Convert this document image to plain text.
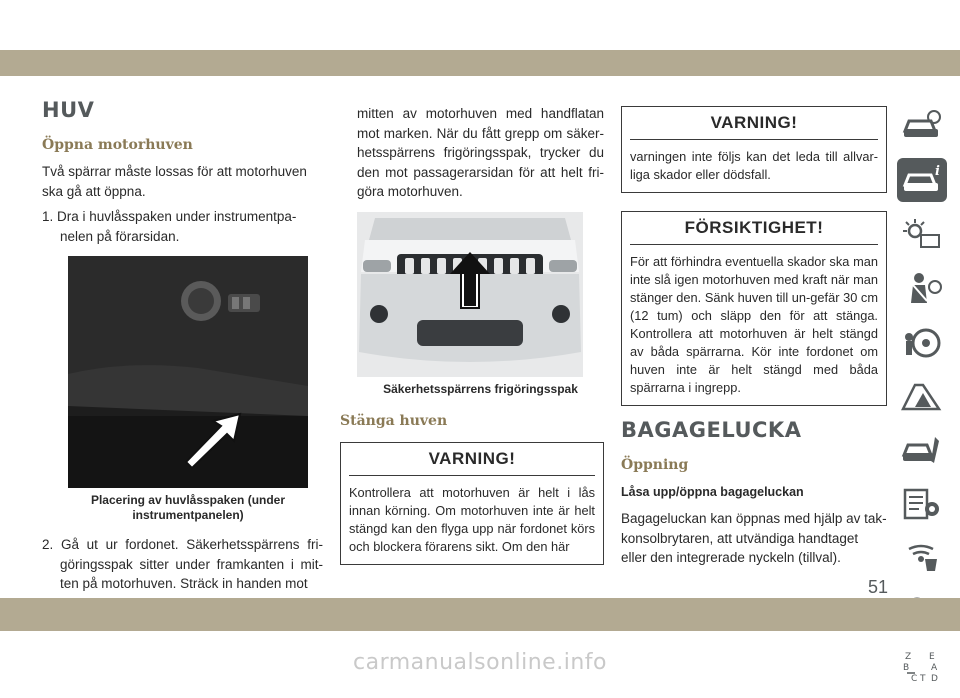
HUV
Öppna motorhuven

Två spärrar måste lossas för att motorhuven ska gå att öppna.

1. Dra i huvlåsspaken under instrumentpa-nelen på förarsidan.
Placering av huvlåsspaken (under instrumentpanelen)
2. Gå ut ur fordonet. Säkerhetsspärrens fri-göringsspak sitter under framkanten i mit-ten på motorhuven. Sträck in handen mot

mitten av motorhuven med handflatan mot marken. När du fått grepp om säker-hetsspärrens frigöringsspak, trycker du den mot passagerarsidan för att helt fri-göra motorhuven.

Säkerhetsspärrens frigöringsspak
Stänga huven
VARNING!
Kontrollera att motorhuven är helt i lås innan körning. Om motorhuven inte är helt stängd kan den flyga upp när fordonet körs och blockera förarens sikt. Om den här
VARNING!
varningen inte följs kan det leda till allvar-liga skador eller dödsfall.
FÖRSIKTIGHET!
För att förhindra eventuella skador ska man inte slå igen motorhuven med kraft när man stänger den. Sänk huven till un-gefär 30 cm (12 tum) och släpp den för att stänga. Kontrollera att motorhuven är helt stängd av båda spärrarna. Kör inte fordonet om huven inte är helt stängd med båda spärrarna i ingrepp.
BAGAGELUCKA
Öppning
Låsa upp/öppna bagageluckan

Bagageluckan kan öppnas med hjälp av tak-konsolbrytaren, att utvändiga handtaget eller den integrerade nyckeln (tillval).

i
Z E
B A
C D
T
51
carmanualsonline.info
